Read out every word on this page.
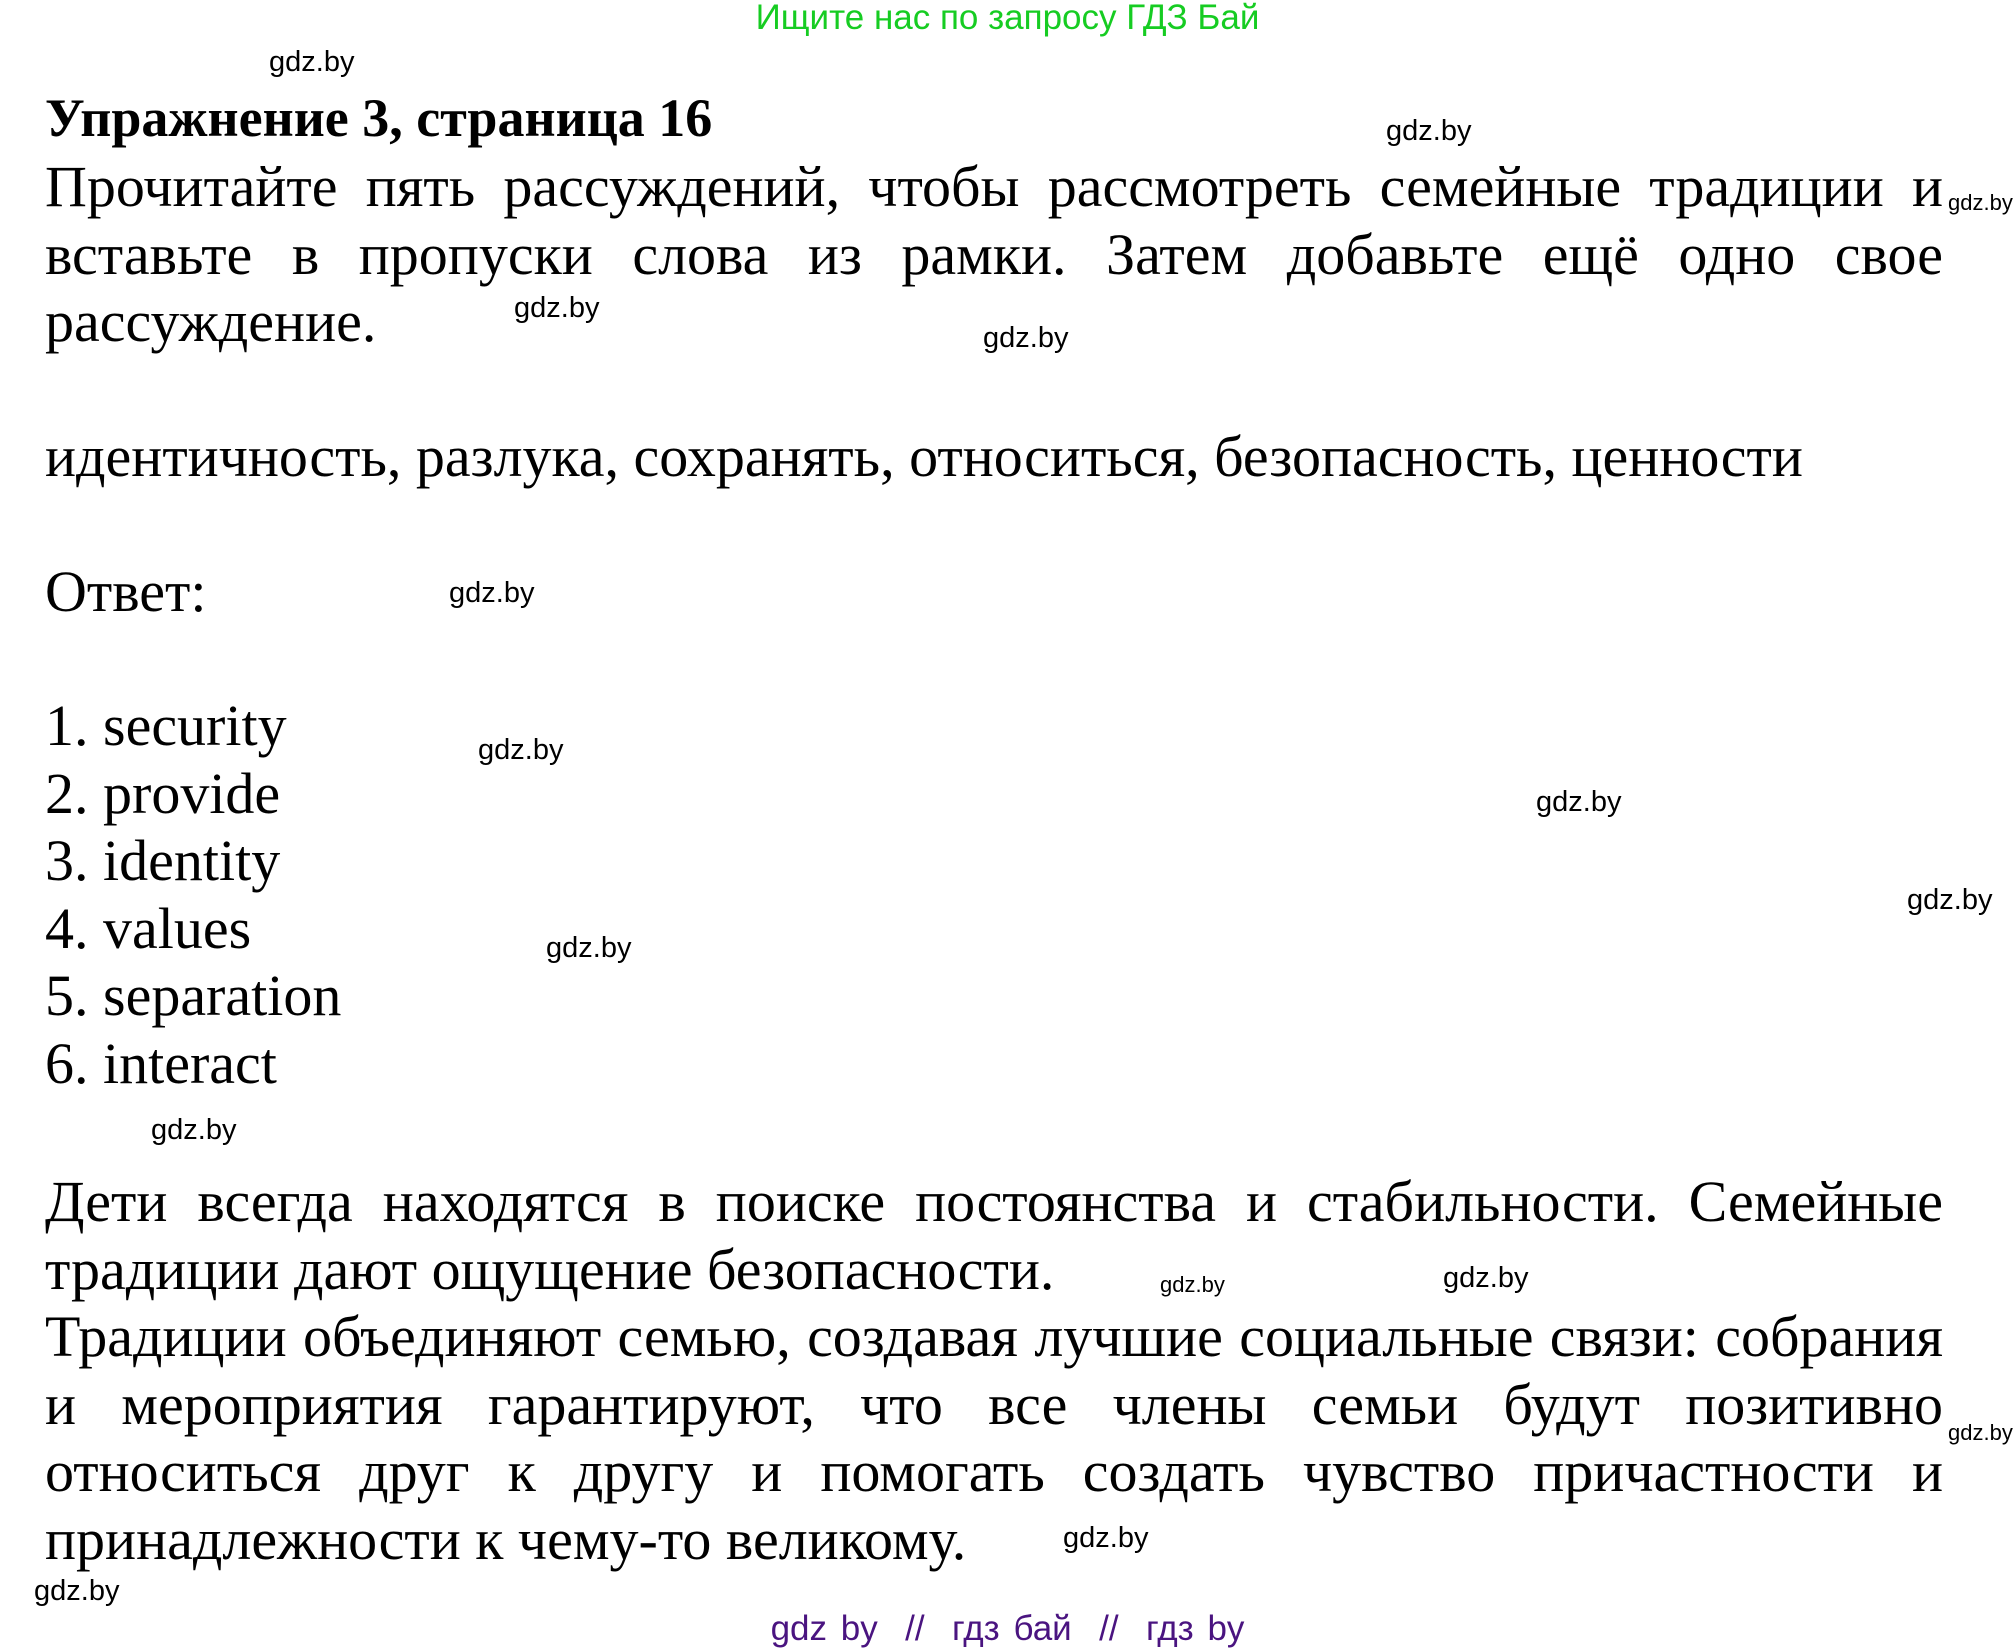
Ищите нас по запросу ГДЗ Бай
Упражнение 3, страница 16
Прочитайте пять рассуждений, чтобы рассмотреть семейные традиции и
вставьте в пропуски слова из рамки. Затем добавьте ещё одно свое
рассуждение.
идентичность, разлука, сохранять, относиться, безопасность, ценности
Ответ:
1. security
2. provide
3. identity
4. values
5. separation
6. interact
Дети всегда находятся в поиске постоянства и стабильности. Семейные
традиции дают ощущение безопасности.
Традиции объединяют семью, создавая лучшие социальные связи: собрания
и мероприятия гарантируют, что все члены семьи будут позитивно
относиться друг к другу и помогать создать чувство причастности и
принадлежности к чему-то великому.
gdz.by
gdz.by
gdz.by
gdz.by
gdz.by
gdz.by
gdz.by
gdz.by
gdz.by
gdz.by
gdz.by
gdz.by
gdz.by
gdz.by
gdz.by
gdz.by
gdz by  //  гдз бай  //  гдз by
